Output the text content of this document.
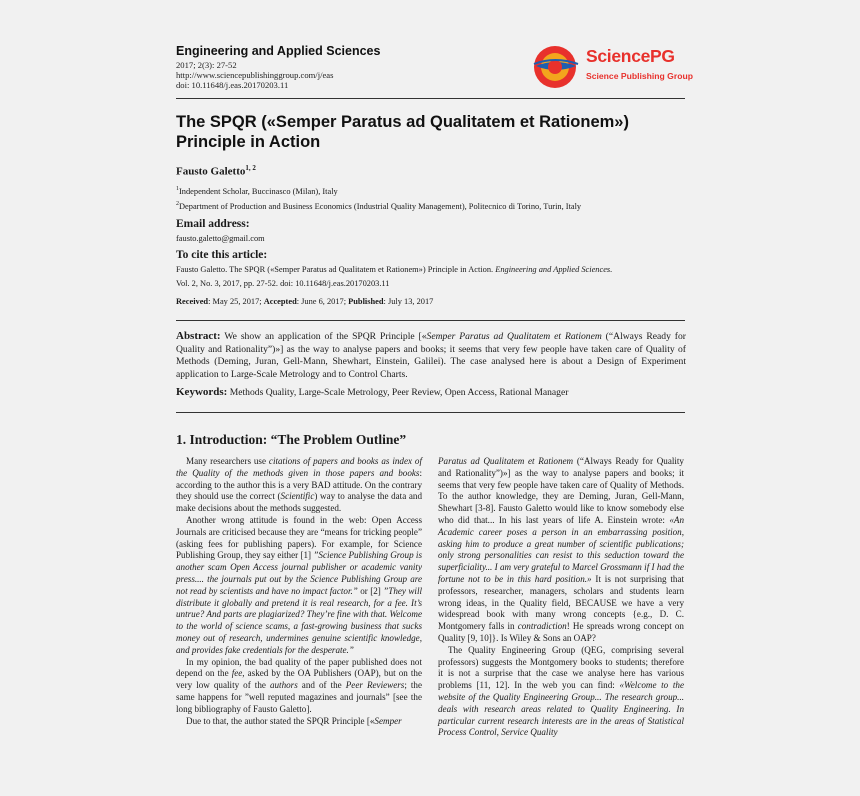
Engineering and Applied Sciences
2017; 2(3): 27-52
http://www.sciencepublishinggroup.com/j/eas
doi: 10.11648/j.eas.20170203.11
SciencePG
Science Publishing Group
The SPQR («Semper Paratus ad Qualitatem et Rationem») Principle in Action
Fausto Galetto$^{1, 2}$
$^1$Independent Scholar, Buccinasco (Milan), Italy
$^2$Department of Production and Business Economics (Industrial Quality Management), Politecnico di Torino, Turin, Italy
Email address:
fausto.galetto@gmail.com
To cite this article:
Fausto Galetto. The SPQR («Semper Paratus ad Qualitatem et Rationem») Principle in Action. Engineering and Applied Sciences.
Vol. 2, No. 3, 2017, pp. 27-52. doi: 10.11648/j.eas.20170203.11
Received: May 25, 2017; Accepted: June 6, 2017; Published: July 13, 2017
Abstract: We show an application of the SPQR Principle [«Semper Paratus ad Qualitatem et Rationem (“Always Ready for Quality and Rationality”)»] as the way to analyse papers and books; it seems that very few people have taken care of Quality of Methods (Deming, Juran, Gell-Mann, Shewhart, Einstein, Galilei). The case analysed here is about a Design of Experiment application to Large-Scale Metrology and to Control Charts.
Keywords: Methods Quality, Large-Scale Metrology, Peer Review, Open Access, Rational Manager
1. Introduction: “The Problem Outline”

Many researchers use citations of papers and books as index of the Quality of the methods given in those papers and books: according to the author this is a very BAD attitude. On the contrary they should use the correct (Scientific) way to analyse the data and make decisions about the methods suggested.

Another wrong attitude is found in the web: Open Access Journals are criticised because they are “means for tricking people” (asking fees for publishing papers). For example, for Science Publishing Group, they say either [1] ”Science Publishing Group is another scam Open Access journal publisher or academic vanity press.... the journals put out by the Science Publishing Group are not read by scientists and have no impact factor.” or [2] ”They will distribute it globally and pretend it is real research, for a fee. It’s untrue? And parts are plagiarized? They’re fine with that. Welcome to the world of science scams, a fast-growing business that sucks money out of research, undermines genuine scientific knowledge, and provides fake credentials for the desperate.”

In my opinion, the bad quality of the paper published does not depend on the fee, asked by the OA Publishers (OAP), but on the very low quality of the authors and of the Peer Reviewers; the same happens for ”well reputed magazines and journals” [see the long bibliography of Fausto Galetto].

Due to that, the author stated the SPQR Principle [«Semper

Paratus ad Qualitatem et Rationem (“Always Ready for Quality and Rationality”)»] as the way to analyse papers and books; it seems that very few people have taken care of Quality of Methods. To the author knowledge, they are Deming, Juran, Gell-Mann, Shewhart [3-8]. Fausto Galetto would like to know somebody else who did that... In his last years of life A. Einstein wrote: «An Academic career poses a person in an embarrassing position, asking him to produce a great number of scientific publications; only strong personalities can resist to this seduction toward the superficiality... I am very grateful to Marcel Grossmann if I had the fortune not to be in this hard position.» It is not surprising that professors, researcher, managers, scholars and students learn wrong ideas, in the Quality field, BECAUSE we have a very widespread book with many wrong concepts {e.g., D. C. Montgomery falls in contradiction! He spreads wrong concept on Quality [9, 10]}. Is Wiley & Sons an OAP?

The Quality Engineering Group (QEG, comprising several professors) suggests the Montgomery books to students; therefore it is not a surprise that the case we analyse here has various problems [11, 12]. In the web you can find: «Welcome to the website of the Quality Engineering Group... The research group... deals with research areas related to Quality Engineering. In particular current research interests are in the areas of Statistical Process Control, Service Quality
